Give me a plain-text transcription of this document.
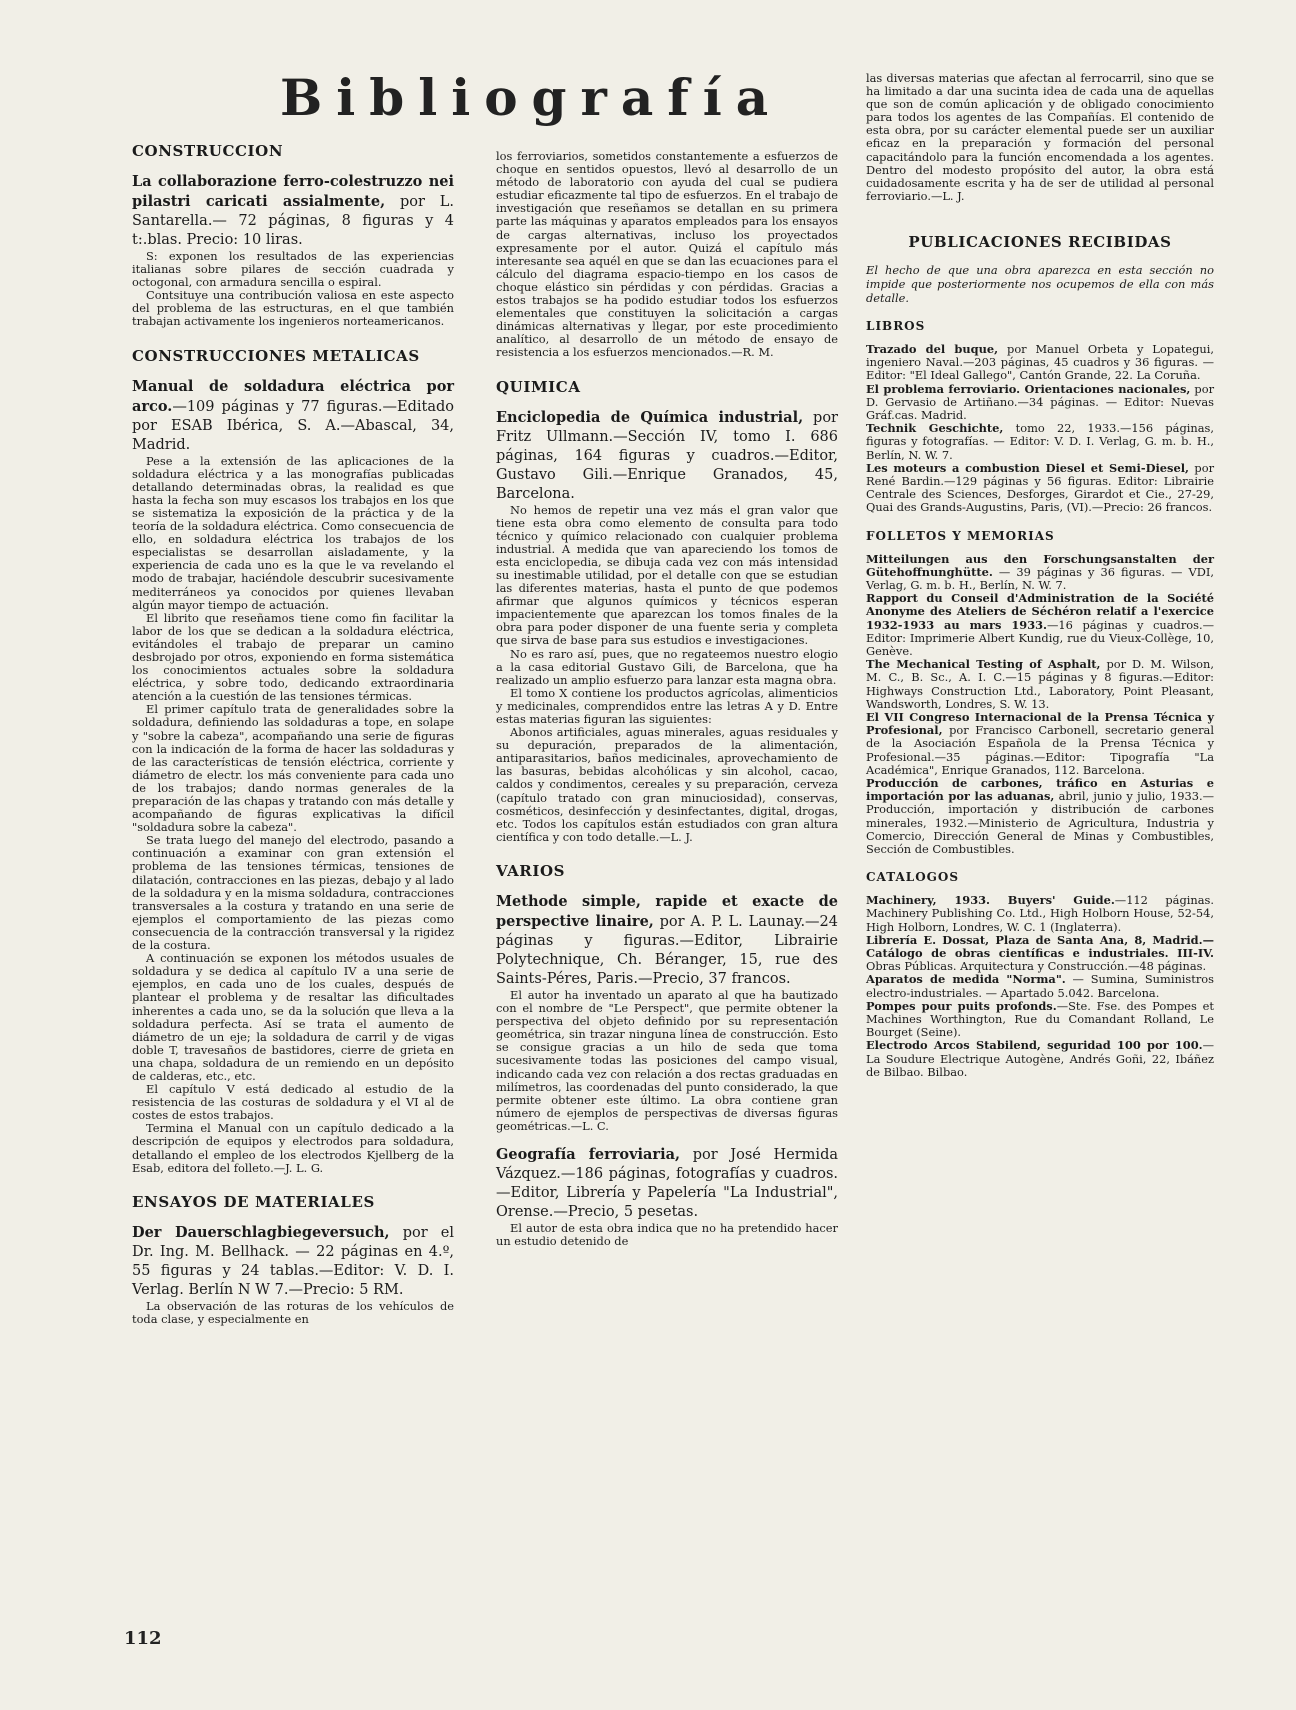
Bibliografía
CONSTRUCCION

La collaborazione ferro-colestruzzo nei pilastri caricati assialmente, por L. Santarella.— 72 páginas, 8 figuras y 4 t:.blas. Precio: 10 liras.

S: exponen los resultados de las experiencias italianas sobre pilares de sección cuadrada y octogonal, con armadura sencilla o espiral.

Contsituye una contribución valiosa en este aspecto del problema de las estructuras, en el que también trabajan activamente los ingenieros norteamericanos.

CONSTRUCCIONES METALICAS

Manual de soldadura eléctrica por arco.—109 páginas y 77 figuras.—Editado por ESAB Ibérica, S. A.—Abascal, 34, Madrid.

Pese a la extensión de las aplicaciones de la soldadura eléctrica y a las monografías publicadas detallando determinadas obras, la realidad es que hasta la fecha son muy escasos los trabajos en los que se sistematiza la exposición de la práctica y de la teoría de la soldadura eléctrica. Como consecuencia de ello, en soldadura eléctrica los trabajos de los especialistas se desarrollan aisladamente, y la experiencia de cada uno es la que le va revelando el modo de trabajar, haciéndole descubrir sucesivamente mediterráneos ya conocidos por quienes llevaban algún mayor tiempo de actuación.

El librito que reseñamos tiene como fin facilitar la labor de los que se dedican a la soldadura eléctrica, evitándoles el trabajo de preparar un camino desbrojado por otros, exponiendo en forma sistemática los conocimientos actuales sobre la soldadura eléctrica, y sobre todo, dedicando extraordinaria atención a la cuestión de las tensiones térmicas.

El primer capítulo trata de generalidades sobre la soldadura, definiendo las soldaduras a tope, en solape y "sobre la cabeza", acompañando una serie de figuras con la indicación de la forma de hacer las soldaduras y de las características de tensión eléctrica, corriente y diámetro de electr. los más conveniente para cada uno de los trabajos; dando normas generales de la preparación de las chapas y tratando con más detalle y acompañando de figuras explicativas la difícil "soldadura sobre la cabeza".

Se trata luego del manejo del electrodo, pasando a continuación a examinar con gran extensión el problema de las tensiones térmicas, tensiones de dilatación, contracciones en las piezas, debajo y al lado de la soldadura y en la misma soldadura, contracciones transversales a la costura y tratando en una serie de ejemplos el comportamiento de las piezas como consecuencia de la contracción transversal y la rigidez de la costura.

A continuación se exponen los métodos usuales de soldadura y se dedica al capítulo IV a una serie de ejemplos, en cada uno de los cuales, después de plantear el problema y de resaltar las dificultades inherentes a cada uno, se da la solución que lleva a la soldadura perfecta. Así se trata el aumento de diámetro de un eje; la soldadura de carril y de vigas doble T, travesaños de bastidores, cierre de grieta en una chapa, soldadura de un remiendo en un depósito de calderas, etc., etc.

El capítulo V está dedicado al estudio de la resistencia de las costuras de soldadura y el VI al de costes de estos trabajos.

Termina el Manual con un capítulo dedicado a la descripción de equipos y electrodos para soldadura, detallando el empleo de los electrodos Kjellberg de la Esab, editora del folleto.—J. L. G.

ENSAYOS DE MATERIALES

Der Dauerschlagbiegeversuch, por el Dr. Ing. M. Bellhack. — 22 páginas en 4.º, 55 figuras y 24 tablas.—Editor: V. D. I. Verlag. Berlín N W 7.—Precio: 5 RM.

La observación de las roturas de los vehículos de toda clase, y especialmente en

los ferroviarios, sometidos constantemente a esfuerzos de choque en sentidos opuestos, llevó al desarrollo de un método de laboratorio con ayuda del cual se pudiera estudiar eficazmente tal tipo de esfuerzos. En el trabajo de investigación que reseñamos se detallan en su primera parte las máquinas y aparatos empleados para los ensayos de cargas alternativas, incluso los proyectados expresamente por el autor. Quizá el capítulo más interesante sea aquél en que se dan las ecuaciones para el cálculo del diagrama espacio-tiempo en los casos de choque elástico sin pérdidas y con pérdidas. Gracias a estos trabajos se ha podido estudiar todos los esfuerzos elementales que constituyen la solicitación a cargas dinámicas alternativas y llegar, por este procedimiento analítico, al desarrollo de un método de ensayo de resistencia a los esfuerzos mencionados.—R. M.

QUIMICA

Enciclopedia de Química industrial, por Fritz Ullmann.—Sección IV, tomo I. 686 páginas, 164 figuras y cuadros.—Editor, Gustavo Gili.—Enrique Granados, 45, Barcelona.

No hemos de repetir una vez más el gran valor que tiene esta obra como elemento de consulta para todo técnico y químico relacionado con cualquier problema industrial. A medida que van apareciendo los tomos de esta enciclopedia, se dibuja cada vez con más intensidad su inestimable utilidad, por el detalle con que se estudian las diferentes materias, hasta el punto de que podemos afirmar que algunos químicos y técnicos esperan impacientemente que aparezcan los tomos finales de la obra para poder disponer de una fuente seria y completa que sirva de base para sus estudios e investigaciones.

No es raro así, pues, que no regateemos nuestro elogio a la casa editorial Gustavo Gili, de Barcelona, que ha realizado un amplio esfuerzo para lanzar esta magna obra.

El tomo X contiene los productos agrícolas, alimenticios y medicinales, comprendidos entre las letras A y D. Entre estas materias figuran las siguientes:

Abonos artificiales, aguas minerales, aguas residuales y su depuración, preparados de la alimentación, antiparasitarios, baños medicinales, aprovechamiento de las basuras, bebidas alcohólicas y sin alcohol, cacao, caldos y condimentos, cereales y su preparación, cerveza (capítulo tratado con gran minuciosidad), conservas, cosméticos, desinfección y desinfectantes, digital, drogas, etc. Todos los capítulos están estudiados con gran altura científica y con todo detalle.—L. J.

VARIOS

Methode simple, rapide et exacte de perspective linaire, por A. P. L. Launay.—24 páginas y figuras.—Editor, Librairie Polytechnique, Ch. Béranger, 15, rue des Saints-Péres, Paris.—Precio, 37 francos.

El autor ha inventado un aparato al que ha bautizado con el nombre de "Le Perspect", que permite obtener la perspectiva del objeto definido por su representación geométrica, sin trazar ninguna línea de construcción. Esto se consigue gracias a un hilo de seda que toma sucesivamente todas las posiciones del campo visual, indicando cada vez con relación a dos rectas graduadas en milímetros, las coordenadas del punto considerado, la que permite obtener este último. La obra contiene gran número de ejemplos de perspectivas de diversas figuras geométricas.—L. C.

Geografía ferroviaria, por José Hermida Vázquez.—186 páginas, fotografías y cuadros.—Editor, Librería y Papelería "La Industrial", Orense.—Precio, 5 pesetas.

El autor de esta obra indica que no ha pretendido hacer un estudio detenido de

las diversas materias que afectan al ferrocarril, sino que se ha limitado a dar una sucinta idea de cada una de aquellas que son de común aplicación y de obligado conocimiento para todos los agentes de las Compañías. El contenido de esta obra, por su carácter elemental puede ser un auxiliar eficaz en la preparación y formación del personal capacitándolo para la función encomendada a los agentes. Dentro del modesto propósito del autor, la obra está cuidadosamente escrita y ha de ser de utilidad al personal ferroviario.—L. J.

PUBLICACIONES RECIBIDAS

El hecho de que una obra aparezca en esta sección no impide que posteriormente nos ocupemos de ella con más detalle.

LIBROS

Trazado del buque, por Manuel Orbeta y Lopategui, ingeniero Naval.—203 páginas, 45 cuadros y 36 figuras. — Editor: "El Ideal Gallego", Cantón Grande, 22. La Coruña.

El problema ferroviario. Orientaciones nacionales, por D. Gervasio de Artiñano.—34 páginas. — Editor: Nuevas Gráf.cas. Madrid.

Technik Geschichte, tomo 22, 1933.—156 páginas, figuras y fotografías. — Editor: V. D. I. Verlag, G. m. b. H., Berlín, N. W. 7.

Les moteurs a combustion Diesel et Semi-Diesel, por René Bardin.—129 páginas y 56 figuras. Editor: Librairie Centrale des Sciences, Desforges, Girardot et Cie., 27-29, Quai des Grands-Augustins, Paris, (VI).—Precio: 26 francos.

FOLLETOS Y MEMORIAS

Mitteilungen aus den Forschungsanstalten der Gütehoffnunghütte. — 39 páginas y 36 figuras. — VDI, Verlag, G. m. b. H., Berlín, N. W. 7.

Rapport du Conseil d'Administration de la Société Anonyme des Ateliers de Séchéron relatif a l'exercice 1932-1933 au mars 1933.—16 páginas y cuadros.—Editor: Imprimerie Albert Kundig, rue du Vieux-Collège, 10, Genève.

The Mechanical Testing of Asphalt, por D. M. Wilson, M. C., B. Sc., A. I. C.—15 páginas y 8 figuras.—Editor: Highways Construction Ltd., Laboratory, Point Pleasant, Wandsworth, Londres, S. W. 13.

El VII Congreso Internacional de la Prensa Técnica y Profesional, por Francisco Carbonell, secretario general de la Asociación Española de la Prensa Técnica y Profesional.—35 páginas.—Editor: Tipografía "La Académica", Enrique Granados, 112. Barcelona.

Producción de carbones, tráfico en Asturias e importación por las aduanas, abril, junio y julio, 1933.—Producción, importación y distribución de carbones minerales, 1932.—Ministerio de Agricultura, Industria y Comercio, Dirección General de Minas y Combustibles, Sección de Combustibles.

CATALOGOS

Machinery, 1933. Buyers' Guide.—112 páginas. Machinery Publishing Co. Ltd., High Holborn House, 52-54, High Holborn, Londres, W. C. 1 (Inglaterra).

Librería E. Dossat, Plaza de Santa Ana, 8, Madrid.—Catálogo de obras científicas e industriales. III-IV. Obras Públicas. Arquitectura y Construcción.—48 páginas.

Aparatos de medida "Norma". — Sumina, Suministros electro-industriales. — Apartado 5.042. Barcelona.

Pompes pour puits profonds.—Ste. Fse. des Pompes et Machines Worthington, Rue du Comandant Rolland, Le Bourget (Seine).

Electrodo Arcos Stabilend, seguridad 100 por 100.—La Soudure Electrique Autogène, Andrés Goñi, 22, Ibáñez de Bilbao. Bilbao.

112
